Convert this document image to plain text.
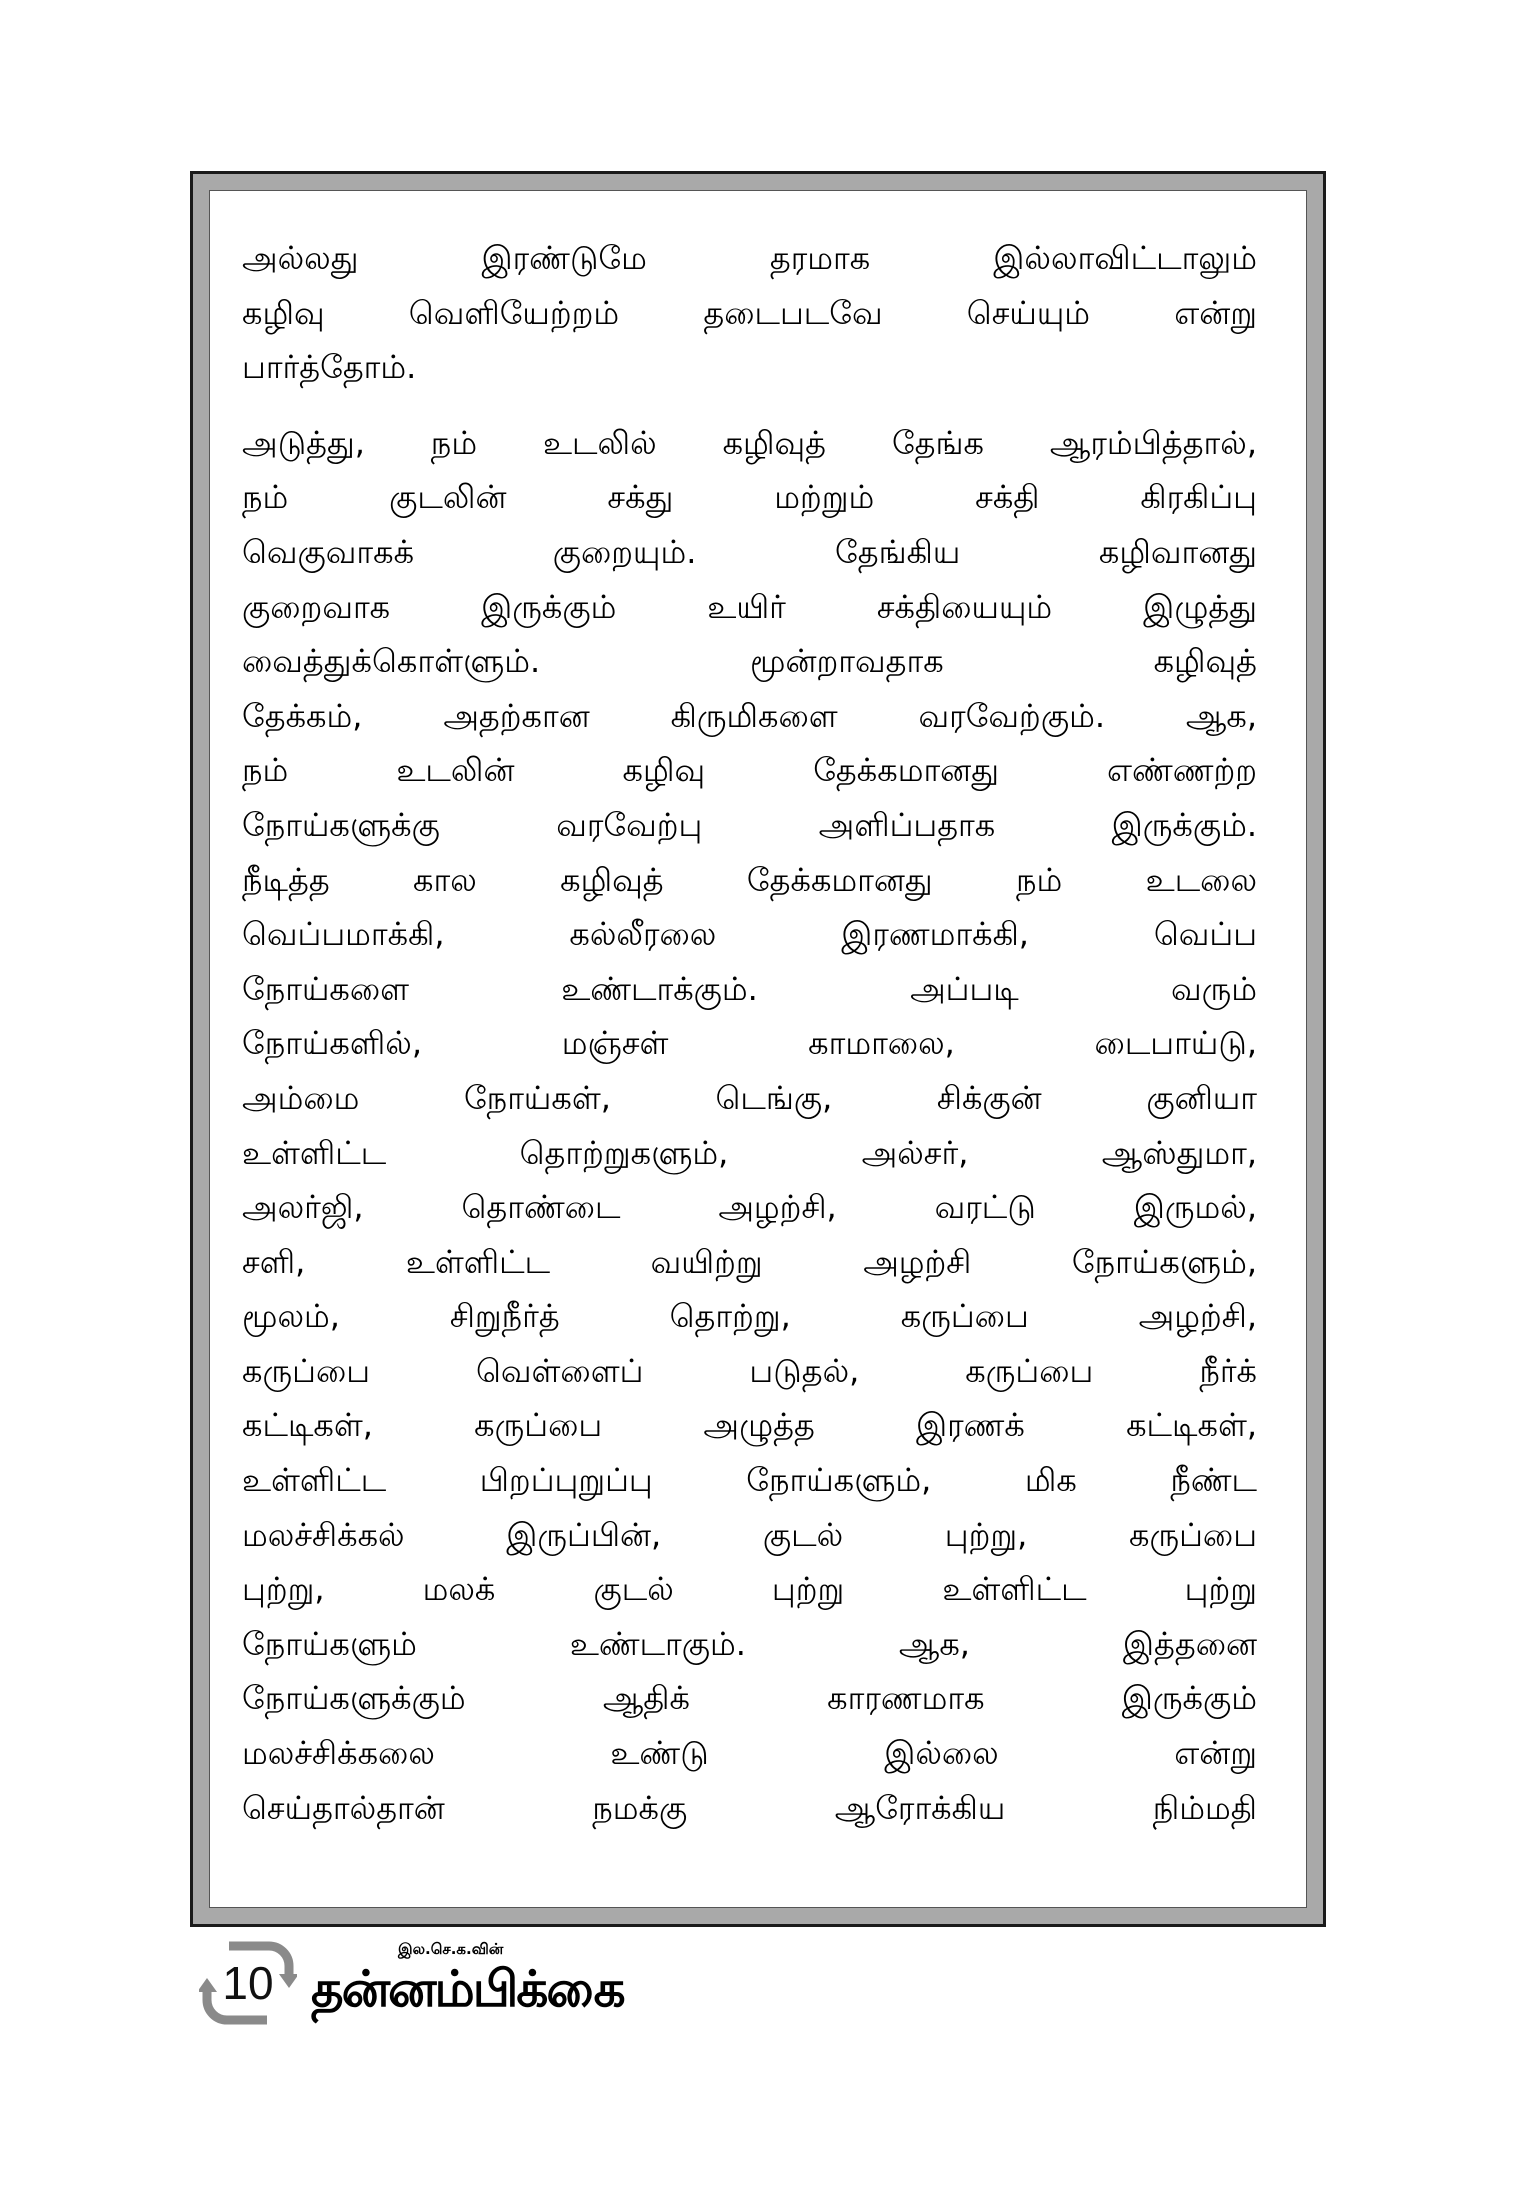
அல்லது இரண்டுமே தரமாக இல்லாவிட்டாலும்
கழிவு வெளியேற்றம் தடைபடவே செய்யும் என்று
பார்த்தோம்.

அடுத்து, நம் உடலில் கழிவுத் தேங்க ஆரம்பித்தால்,
நம் குடலின் சக்து மற்றும் சக்தி கிரகிப்பு
வெகுவாகக் குறையும். தேங்கிய கழிவானது
குறைவாக இருக்கும் உயிர் சக்தியையும் இழுத்து
வைத்துக்கொள்ளும். மூன்றாவதாக கழிவுத்
தேக்கம், அதற்கான கிருமிகளை வரவேற்கும். ஆக,
நம் உடலின் கழிவு தேக்கமானது எண்ணற்ற
நோய்களுக்கு வரவேற்பு அளிப்பதாக இருக்கும்.
நீடித்த கால கழிவுத் தேக்கமானது நம் உடலை
வெப்பமாக்கி, கல்லீரலை இரணமாக்கி, வெப்ப
நோய்களை உண்டாக்கும். அப்படி வரும்
நோய்களில், மஞ்சள் காமாலை, டைபாய்டு,
அம்மை நோய்கள், டெங்கு, சிக்குன் குனியா
உள்ளிட்ட தொற்றுகளும், அல்சர், ஆஸ்துமா,
அலர்ஜி, தொண்டை அழற்சி, வரட்டு இருமல்,
சளி, உள்ளிட்ட வயிற்று அழற்சி நோய்களும்,
மூலம், சிறுநீர்த் தொற்று, கருப்பை அழற்சி,
கருப்பை வெள்ளைப் படுதல், கருப்பை நீர்க்
கட்டிகள், கருப்பை அழுத்த இரணக் கட்டிகள்,
உள்ளிட்ட பிறப்புறுப்பு நோய்களும், மிக நீண்ட
மலச்சிக்கல் இருப்பின், குடல் புற்று, கருப்பை
புற்று, மலக் குடல் புற்று உள்ளிட்ட புற்று
நோய்களும் உண்டாகும். ஆக, இத்தனை
நோய்களுக்கும் ஆதிக் காரணமாக இருக்கும்
மலச்சிக்கலை உண்டு இல்லை என்று
செய்தால்தான் நமக்கு ஆரோக்கிய நிம்மதி

10
இல.செ.க.வின்
தன்னம்பிக்கை
